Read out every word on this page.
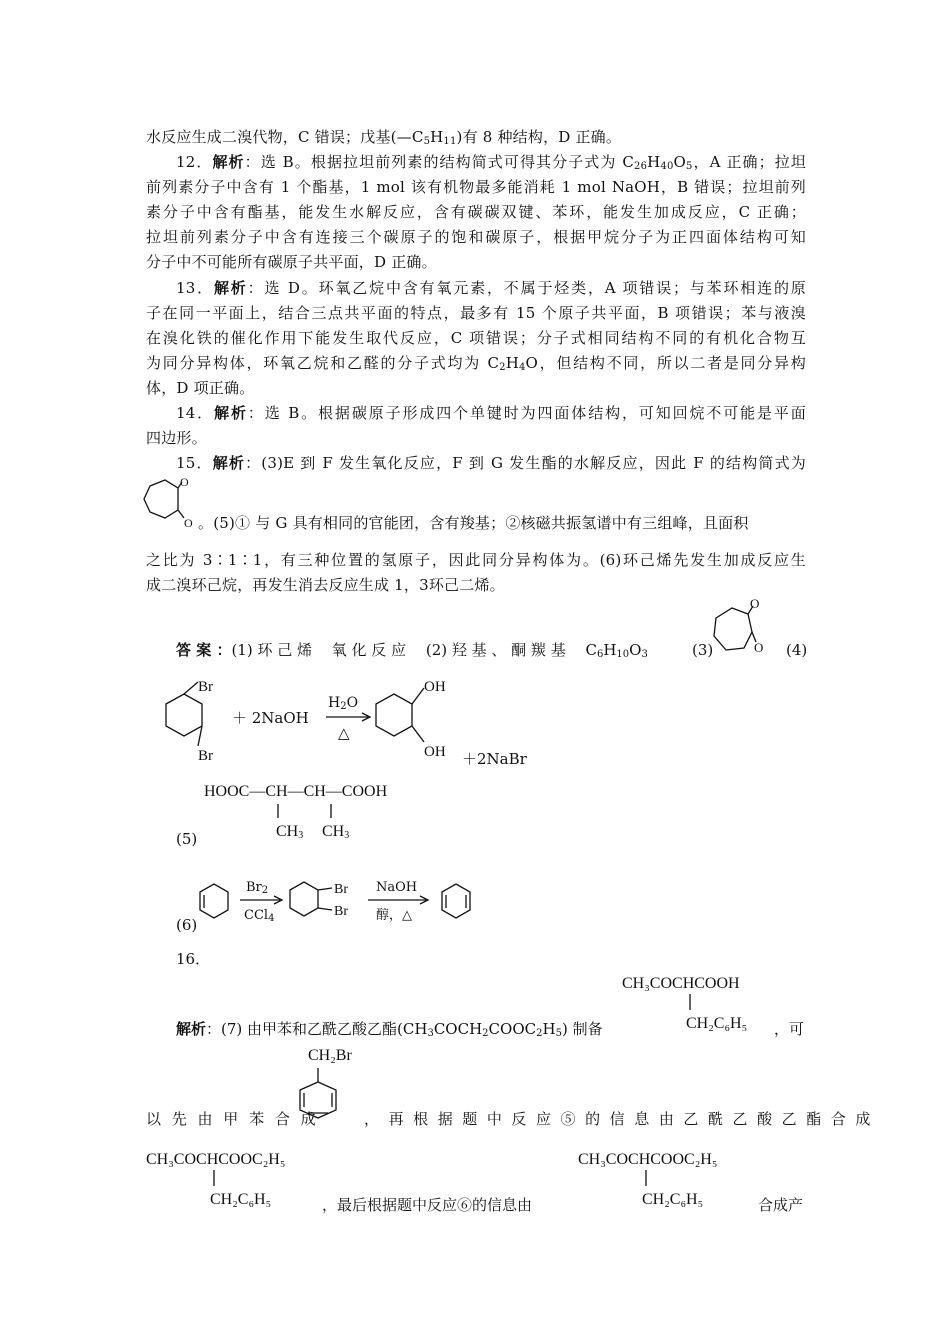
水反应生成二溴代物，C 错误；戊基$(—C_5H_{11})$有 8 种结构，D 正确。
12．解析：选 B。根据拉坦前列素的结构简式可得其分子式为 $C_{26}H_{40}O_5$，A 正确；拉坦
前列素分子中含有 1 个酯基，1 mol 该有机物最多能消耗 1 mol NaOH，B 错误；拉坦前列
素分子中含有酯基，能发生水解反应，含有碳碳双键、苯环，能发生加成反应，C 正确；
拉坦前列素分子中含有连接三个碳原子的饱和碳原子，根据甲烷分子为正四面体结构可知
分子中不可能所有碳原子共平面，D 正确。
13．解析：选 D。环氧乙烷中含有氧元素，不属于烃类，A 项错误；与苯环相连的原
子在同一平面上，结合三点共平面的特点，最多有 15 个原子共平面，B 项错误；苯与液溴
在溴化铁的催化作用下能发生取代反应，C 项错误；分子式相同结构不同的有机化合物互
为同分异构体，环氧乙烷和乙醛的分子式均为 $C_2H_4O$，但结构不同，所以二者是同分异构
体，D 项正确。
14．解析：选 B。根据碳原子形成四个单键时为四面体结构，可知回烷不可能是平面
四边形。
15．解析：(3)E 到 F 发生氧化反应，F 到 G 发生酯的水解反应，因此 F 的结构简式为
O
O 。(5)① 与 G 具有相同的官能团，含有羧基；②核磁共振氢谱中有三组峰，且面积
之比为 3∶1∶1，有三种位置的氢原子，因此同分异构体为。(6)环己烯先发生加成反应生
成二溴环己烷，再发生消去反应生成 1，3环己二烯。
答 案 ：(1) 环 己 烯　 氧 化 反 应　 (2) 羟 基 、 酮 羰 基　 $C_6H_{10}O_3$	(3)
O
O (4)
Br
Br
＋ 2NaOH
$H_2O$
△
OH
OH ＋2NaBr
HOOC—CH—CH—COOH
$CH_3$ $CH_3$
(5)
$Br_2$
CCl$_4$
Br
Br
NaOH
醇，△
(6)
16．
CH₃COCHCOOH
CH₂C₆H₅
解析：(7) 由甲苯和乙酰乙酸乙酯$(CH_3COCH_2COOC_2H_5)$ 制备	，可
CH₂Br
以 先 由 甲 苯 合 成	， 再 根 据 题 中 反 应 ⑤ 的 信 息 由 乙 酰 乙 酸 乙 酯 合 成
CH₃COCHCOOC₂H₅
CH₂C₆H₅	，最后根据题中反应⑥的信息由
CH₃COCHCOOC₂H₅
CH₂C₆H₅	合成产
